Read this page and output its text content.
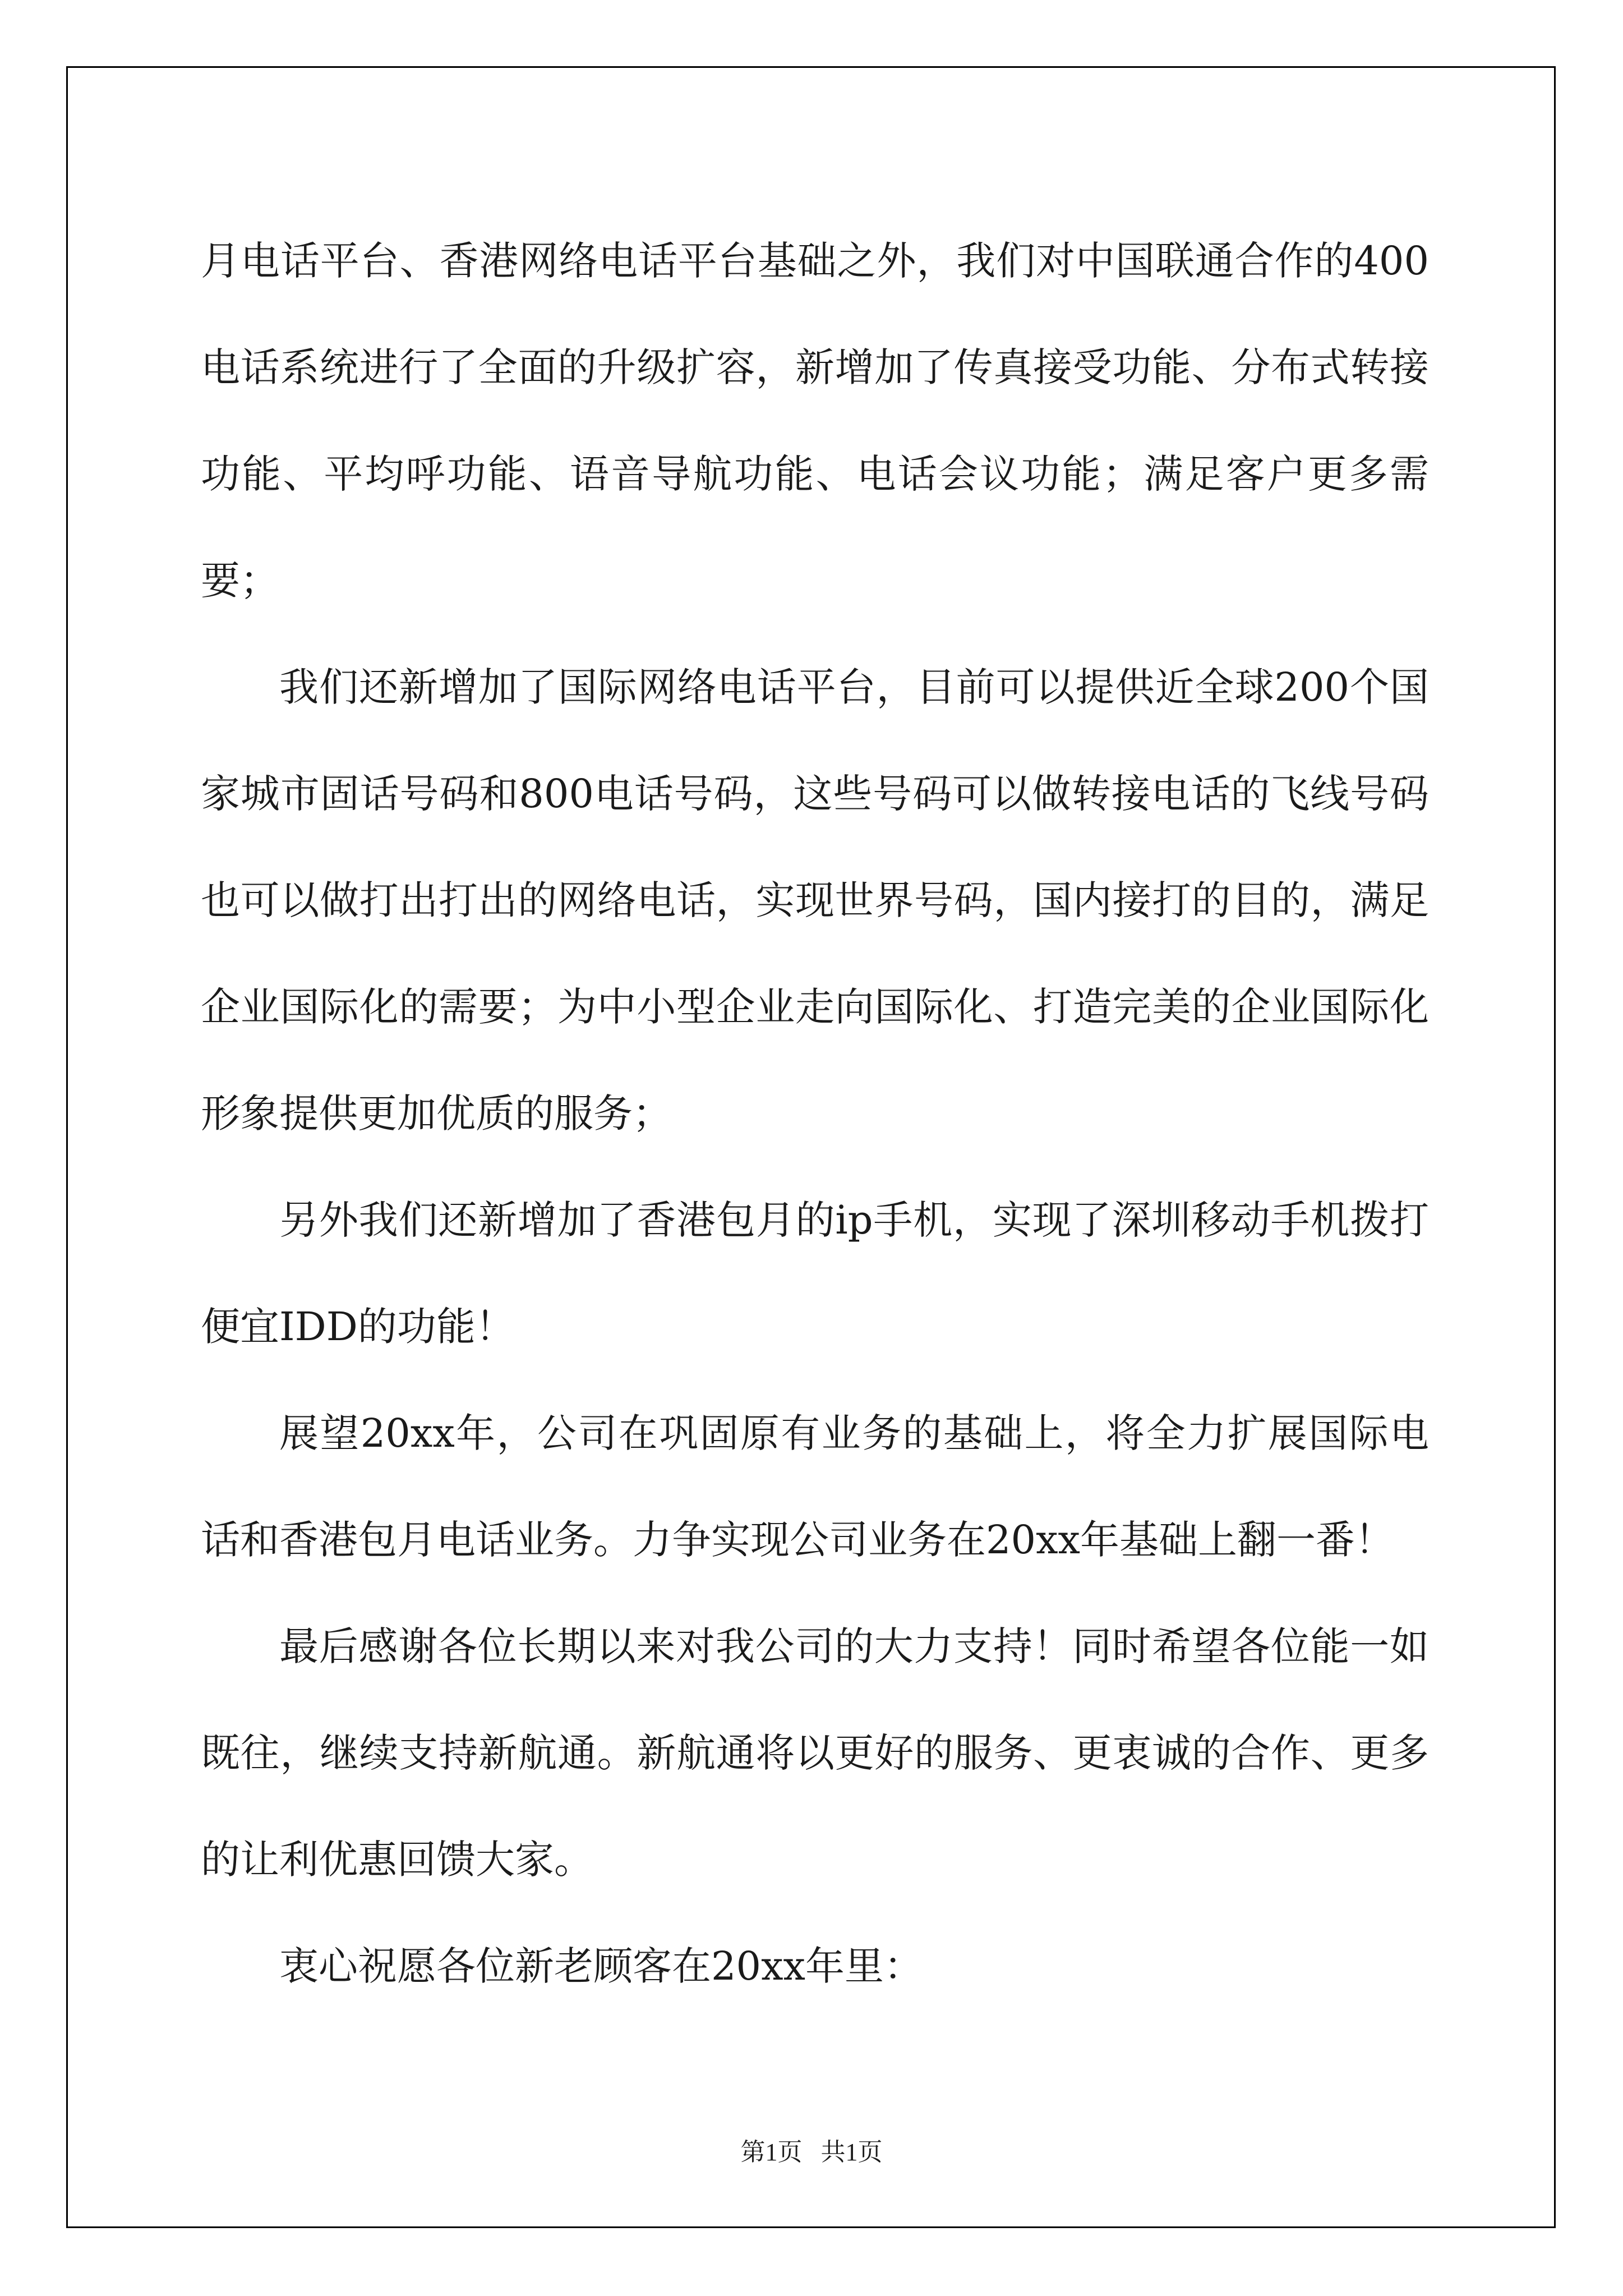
月电话平台、香港网络电话平台基础之外，我们对中国联通合作的400电话系统进行了全面的升级扩容，新增加了传真接受功能、分布式转接功能、平均呼功能、语音导航功能、电话会议功能；满足客户更多需要；

我们还新增加了国际网络电话平台，目前可以提供近全球200个国家城市固话号码和800电话号码，这些号码可以做转接电话的飞线号码也可以做打出打出的网络电话，实现世界号码，国内接打的目的，满足企业国际化的需要；为中小型企业走向国际化、打造完美的企业国际化形象提供更加优质的服务；

另外我们还新增加了香港包月的ip手机，实现了深圳移动手机拨打便宜IDD的功能！

展望20xx年，公司在巩固原有业务的基础上，将全力扩展国际电话和香港包月电话业务。力争实现公司业务在20xx年基础上翻一番！

最后感谢各位长期以来对我公司的大力支持！同时希望各位能一如既往，继续支持新航通。新航通将以更好的服务、更衷诚的合作、更多的让利优惠回馈大家。

衷心祝愿各位新老顾客在20xx年里：

第1页   共1页
